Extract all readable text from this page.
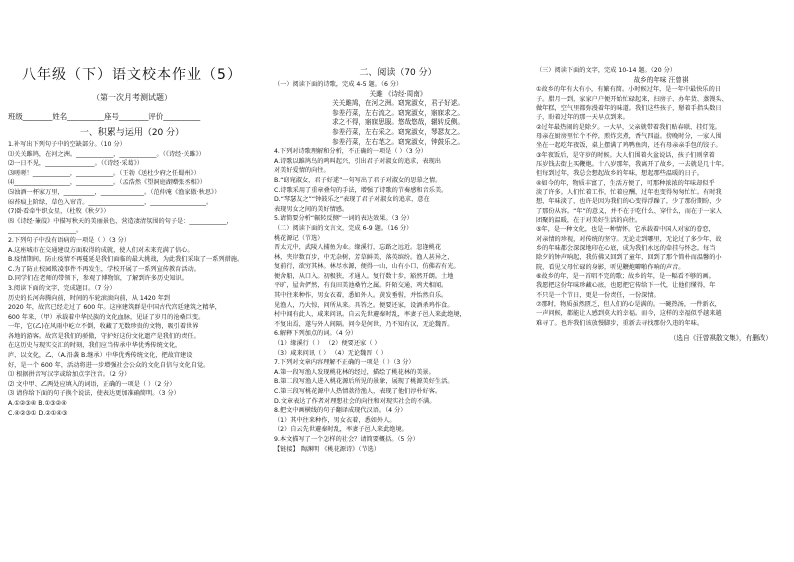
八年级（下）语文校本作业（5）
（第一次月考测试题）
班级________姓名__________座号________评价__________
一、积累与运用（20 分）
1.补写出下列句子中的空缺部分。（10 分）
⑴关关雎鸠，在河之洲。____________，____________。（《诗经·关雎》）
⑵一日不见，________________。（《诗经·采葛》）
⑶嗟嗟！____________，____________。（王勃《送杜少府之任蜀州》）
⑷__________________，____________。（孟浩然《望洞庭湖赠张丞相》）
⑸浊酒一杯家万里，__________，______________。（范仲淹《渔家傲·秋思》）
⑹苔痕上阶绿，草色入帘青。__________________，__________________。
(7)卧看牵牛织女星，（杜牧《秋夕》）
⑻《诗经·蒹葭》中描写秋天的美丽景色，营造凄清氛围的句子是：____________，
______________________。
2.下列句子中没有语病的一项是（ ）（3 分）
A.这座城市在交通建设方面取得的成就，使人们对未来充满了信心。
B.疫情期间，防止疫情不再蔓延是我们面临的最大挑战，为此我们采取了一系列措施。
C.为了防止校园欺凌事件不再发生，学校开展了一系列宣传教育活动。
D.同学们在老师的带领下，参观了博物馆，了解到许多历史知识。
3.阅读下面的文字，完成题目。（7 分）
历史的长河奔腾向前，时间的车轮滚滚向前，从 1420 年到
2020 年，故宫已经走过了 600 年。这座建筑群是中国古代宫廷建筑之精华，
600 年来，（甲）承载着中华民族的文化血脉，见证了岁月的沧桑巨变。
一年，它(乙)在风雨中屹立不倒，收藏了无数珍贵的文物，吸引着世界
各地的游客。故宫是我们的骄傲，守护好这份文化遗产是我们的责任。
在这历史与现实交汇的时刻，我们应当传承中华优秀传统文化，
庐、以文化，乙、（A.沿袭 B.继承）中华优秀传统文化，把故宫建设
好，是一个 600 年，活动将进一步增强社会公众的文化自信与文化自觉。
⑴ 根据拼音写汉字或给加点字注音。（2 分）
⑵ 文中甲、乙两处应填入的词语，正确的一项是（ ）（2 分）
⑶ 请你给下面的句子换个说法，使表达更加准确简明。（3 分）
A.①②③④ B.①③②④
C.④②③① D.②①④③
二、阅读（70 分）
（一）阅读下面的诗歌，完成 4-5 题。（6 分）
关雎 《诗经·周南》
关关雎鸠，在河之洲。窈窕淑女，君子好逑。
参差荇菜，左右流之。窈窕淑女，寤寐求之。
求之不得，寤寐思服。悠哉悠哉，辗转反侧。
参差荇菜，左右采之。窈窕淑女，琴瑟友之。
参差荇菜，左右芼之。窈窕淑女，钟鼓乐之。
4.下列对诗歌理解和分析，不正确的一项是（ ）（3 分）
A.诗歌以雎鸠鸟的鸣叫起兴，引出君子对淑女的追求，表现出
对美好爱情的向往。
B.“窈窕淑女，君子好逑”一句写出了君子对淑女的思慕之情。
C.诗歌采用了重章叠句的手法，增强了诗歌的节奏感和音乐美。
D.“琴瑟友之”“钟鼓乐之”表现了君子对淑女的追求，意在
表现男女之间的美好情感。
5.请简要分析“辗转反侧”一词的表达效果。（3 分）
（二）阅读下面的文言文，完成 6-9 题。（16 分）
桃花源记（节选）
晋太元中，武陵人捕鱼为业。缘溪行，忘路之远近。忽逢桃花
林，夹岸数百步，中无杂树，芳草鲜美，落英缤纷。渔人甚异之，
复前行，欲穷其林。林尽水源，便得一山，山有小口，仿佛若有光。
便舍船，从口入。初极狭，才通人。复行数十步，豁然开朗。土地
平旷，屋舍俨然，有良田美池桑竹之属。阡陌交通，鸡犬相闻。
其中往来种作，男女衣着，悉如外人。黄发垂髫，并怡然自乐。
见渔人，乃大惊，问所从来。具答之。便要还家，设酒杀鸡作食。
村中闻有此人，咸来问讯。自云先世避秦时乱，率妻子邑人来此绝境，
不复出焉，遂与外人间隔。问今是何世，乃不知有汉，无论魏晋。
6.解释下列加点的词。（4 分）
（1）缘溪行（ ） （2）便要还家（ ）
（3）咸来问讯（ ） （4）无论魏晋（ ）
7.下列对文章内容理解不正确的一项是（ ）（3 分）
A.第一段写渔人发现桃花林的经过，描绘了桃花林的美景。
B.第二段写渔人进入桃花源后所见的景象，展现了桃源美好生活。
C.第三段写桃花源中人热情款待渔人，表现了他们淳朴好客。
D.文章表达了作者对理想社会的向往和对现实社会的不满。
8.把文中画横线的句子翻译成现代汉语。（4 分）
（1）其中往来种作，男女衣着，悉如外人。
（2）自云先世避秦时乱，率妻子邑人来此绝境。
9.本文描写了一个怎样的社会？请简要概括。（5 分）
【链接】 陶渊明 《桃花源诗》（节选）
（三）阅读下面的文字，完成 10-14 题。（20 分）
故乡的年味 汪曾祺
①故乡的年有大有小，有繁有简。小时候过年，是一年中最快乐的日
子。腊月一到，家家户户便开始忙碌起来，扫房子、办年货、蒸馒头、
做年糕，空气里都弥漫着年的味道。我们这些孩子，掰着手指头数日
子，盼着过年的那一天早点到来。
②过年最热闹的是除夕。一大早，父亲就带着我们贴春联、挂灯笼。
母亲在厨房里忙个不停，煎炸烹煮，香气四溢。傍晚时分，一家人围
坐在一起吃年夜饭，桌上摆满了鸡鸭鱼肉，还有母亲亲手包的饺子。
③年夜饭后，是守岁的时候。大人们围着火盆说话，孩子们则拿着
压岁钱去街上买鞭炮。十八岁那年，我离开了故乡，一去就是几十年。
但每到过年，我总会想起故乡的年味，想起那些温暖的日子。
④如今的年，物质丰富了，生活方便了，可那种浓浓的年味却似乎
淡了许多。人们忙着工作，忙着应酬，过年也变得匆匆忙忙。有时我
想，年味淡了，也许是因为我们的心变得浮躁了，少了那份期盼，少
了那份从容。“年”的意义，并不在于吃什么、穿什么，而在于一家人
团聚的温暖，在于对美好生活的向往。
⑤年，是一种文化，也是一种情怀。它承载着中国人对家的眷恋，
对亲情的珍视，对传统的坚守。无论走到哪里，无论过了多少年，故
乡的年味都会深深地印在心底，成为我们永远的牵挂与怀念。每当
除夕的钟声响起，我仿佛又回到了童年，回到了那个简朴而温馨的小
院，看见父母忙碌的身影，听见鞭炮噼啪作响的声音。
⑥故乡的年，是一首唱不完的歌；故乡的年，是一幅看不够的画。
我愿把这份年味珍藏心底，也愿把它传给下一代，让他们懂得，年
不只是一个节日，更是一份责任，一份深情。
⑦那时，物质虽然匮乏，但人们的心是满的。一碗热汤，一件新衣，
一声问候，都能让人感到莫大的幸福。而今，这样的幸福似乎越来越
难寻了。也许我们该放慢脚步，重新去寻找那份久违的年味。
（选自《汪曾祺散文集》，有删改）
